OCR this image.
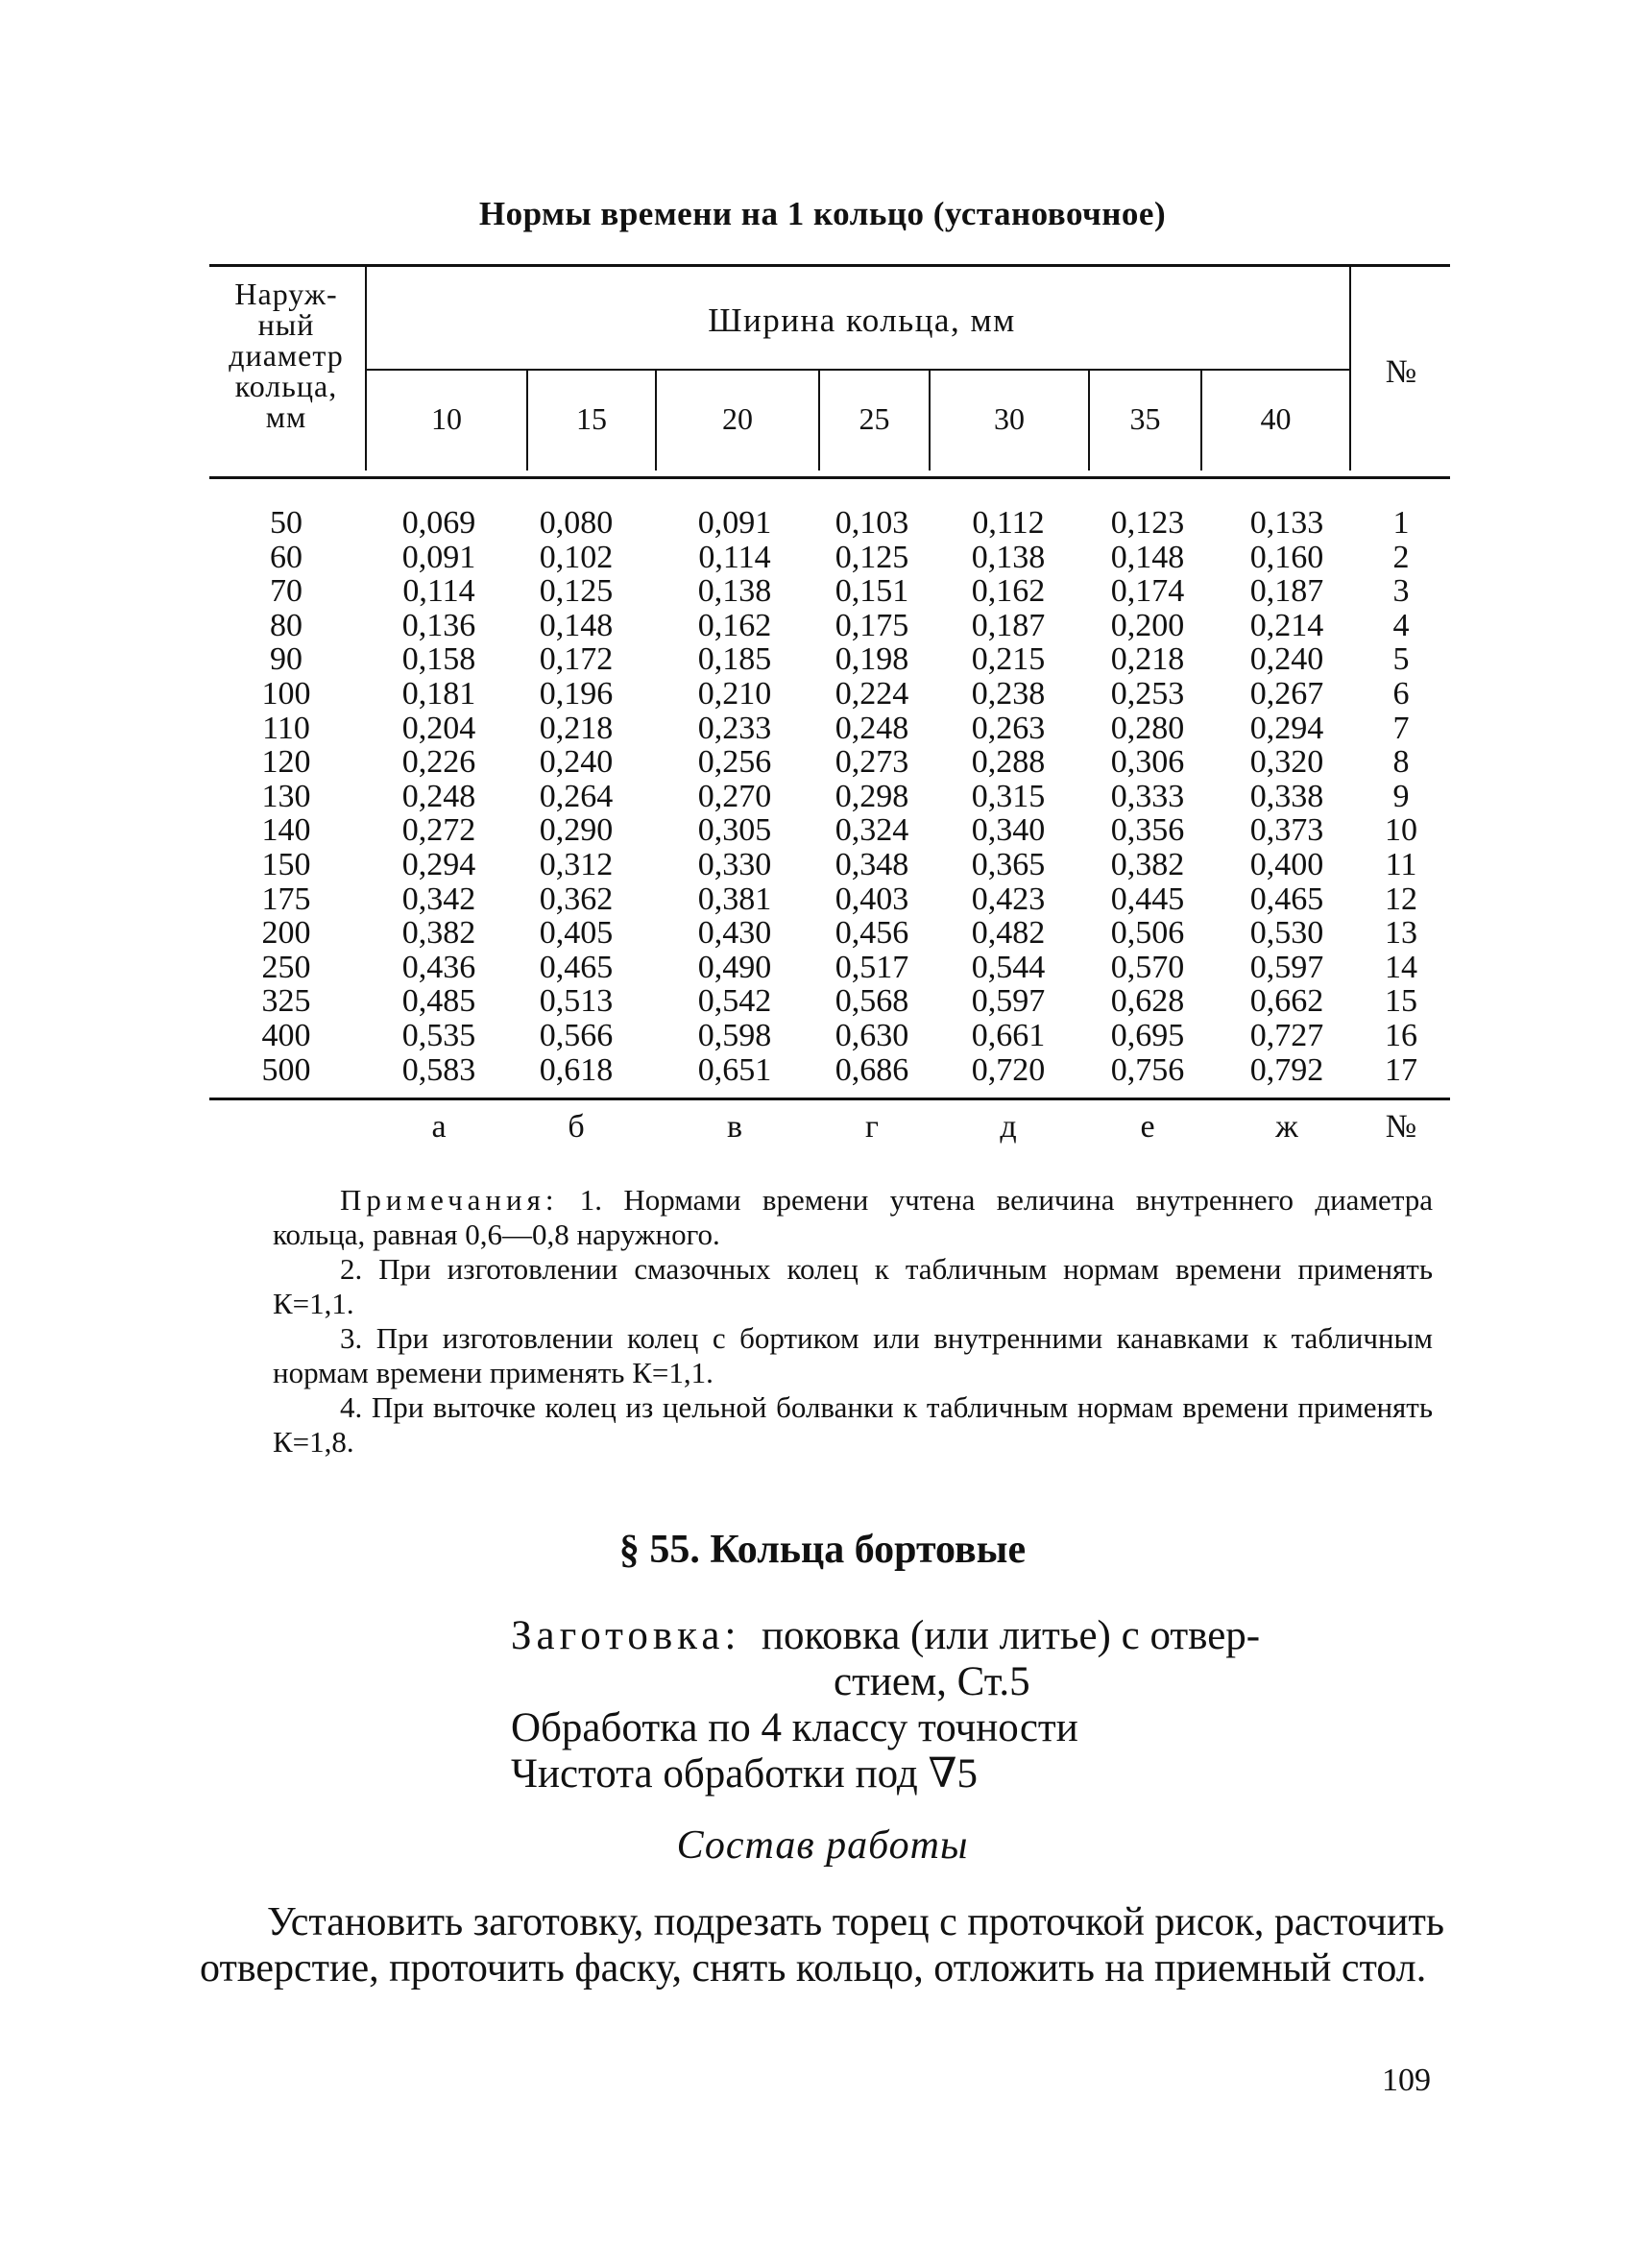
Нормы времени на 1 кольцо (установочное)
Наруж-
ный
диаметр
кольца,
мм
Ширина кольца, мм
№
10	15	20	25	30	35	40
50	0,069	0,080	0,091	0,103	0,112	0,123	0,133	1
60	0,091	0,102	0,114	0,125	0,138	0,148	0,160	2
70	0,114	0,125	0,138	0,151	0,162	0,174	0,187	3
80	0,136	0,148	0,162	0,175	0,187	0,200	0,214	4
90	0,158	0,172	0,185	0,198	0,215	0,218	0,240	5
100	0,181	0,196	0,210	0,224	0,238	0,253	0,267	6
110	0,204	0,218	0,233	0,248	0,263	0,280	0,294	7
120	0,226	0,240	0,256	0,273	0,288	0,306	0,320	8
130	0,248	0,264	0,270	0,298	0,315	0,333	0,338	9
140	0,272	0,290	0,305	0,324	0,340	0,356	0,373	10
150	0,294	0,312	0,330	0,348	0,365	0,382	0,400	11
175	0,342	0,362	0,381	0,403	0,423	0,445	0,465	12
200	0,382	0,405	0,430	0,456	0,482	0,506	0,530	13
250	0,436	0,465	0,490	0,517	0,544	0,570	0,597	14
325	0,485	0,513	0,542	0,568	0,597	0,628	0,662	15
400	0,535	0,566	0,598	0,630	0,661	0,695	0,727	16
500	0,583	0,618	0,651	0,686	0,720	0,756	0,792	17
а	б	в	г	д	е	ж	№

Примечания: 1. Нормами времени учтена величина внутреннего диаметра кольца, равная 0,6—0,8 наружного.

2. При изготовлении смазочных колец к табличным нормам времени применять К=1,1.

3. При изготовлении колец с бортиком или внутренними канавками к табличным нормам времени применять К=1,1.

4. При выточке колец из цельной болванки к табличным нормам времени применять К=1,8.

§ 55. Кольца бортовые
Заготовка: поковка (или литье) с отвер-
стием, Ст.5
Обработка по 4 классу точности
Чистота обработки под ∇5
Состав работы

Установить заготовку, подрезать торец с проточкой рисок, расточить отверстие, проточить фаску, снять кольцо, отложить на приемный стол.

109
